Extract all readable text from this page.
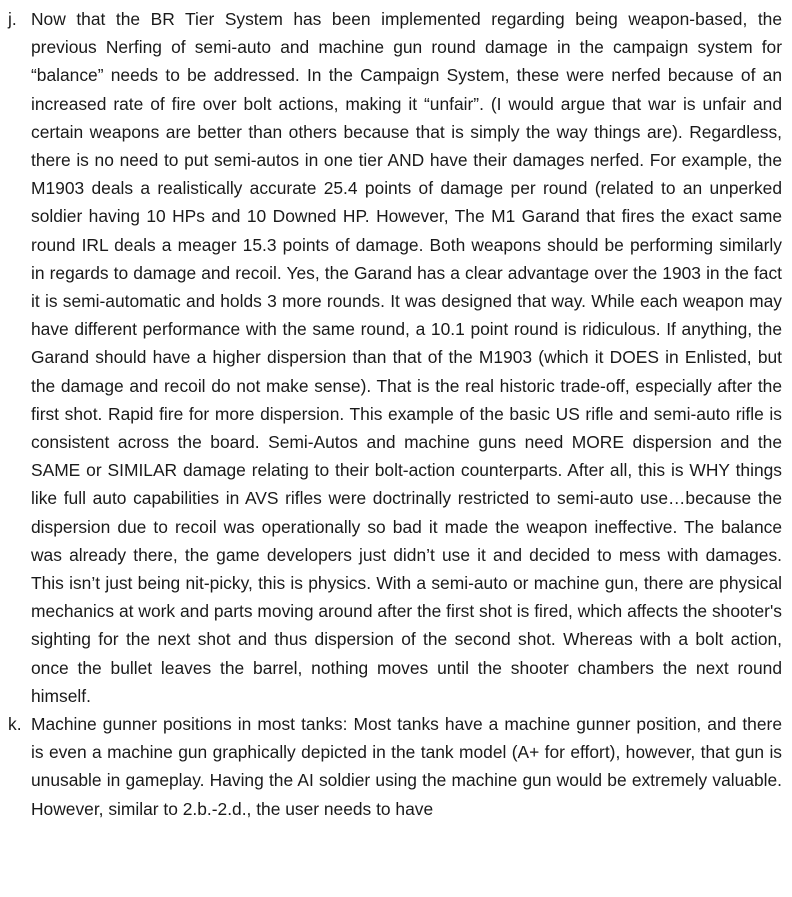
j. Now that the BR Tier System has been implemented regarding being weapon-based, the previous Nerfing of semi-auto and machine gun round damage in the campaign system for “balance” needs to be addressed. In the Campaign System, these were nerfed because of an increased rate of fire over bolt actions, making it “unfair”. (I would argue that war is unfair and certain weapons are better than others because that is simply the way things are). Regardless, there is no need to put semi-autos in one tier AND have their damages nerfed. For example, the M1903 deals a realistically accurate 25.4 points of damage per round (related to an unperked soldier having 10 HPs and 10 Downed HP. However, The M1 Garand that fires the exact same round IRL deals a meager 15.3 points of damage. Both weapons should be performing similarly in regards to damage and recoil. Yes, the Garand has a clear advantage over the 1903 in the fact it is semi-automatic and holds 3 more rounds. It was designed that way. While each weapon may have different performance with the same round, a 10.1 point round is ridiculous. If anything, the Garand should have a higher dispersion than that of the M1903 (which it DOES in Enlisted, but the damage and recoil do not make sense). That is the real historic trade-off, especially after the first shot. Rapid fire for more dispersion. This example of the basic US rifle and semi-auto rifle is consistent across the board. Semi-Autos and machine guns need MORE dispersion and the SAME or SIMILAR damage relating to their bolt-action counterparts. After all, this is WHY things like full auto capabilities in AVS rifles were doctrinally restricted to semi-auto use…because the dispersion due to recoil was operationally so bad it made the weapon ineffective. The balance was already there, the game developers just didn’t use it and decided to mess with damages. This isn’t just being nit-picky, this is physics. With a semi-auto or machine gun, there are physical mechanics at work and parts moving around after the first shot is fired, which affects the shooter's sighting for the next shot and thus dispersion of the second shot. Whereas with a bolt action, once the bullet leaves the barrel, nothing moves until the shooter chambers the next round himself.
k. Machine gunner positions in most tanks: Most tanks have a machine gunner position, and there is even a machine gun graphically depicted in the tank model (A+ for effort), however, that gun is unusable in gameplay. Having the AI soldier using the machine gun would be extremely valuable. However, similar to 2.b.-2.d., the user needs to have
